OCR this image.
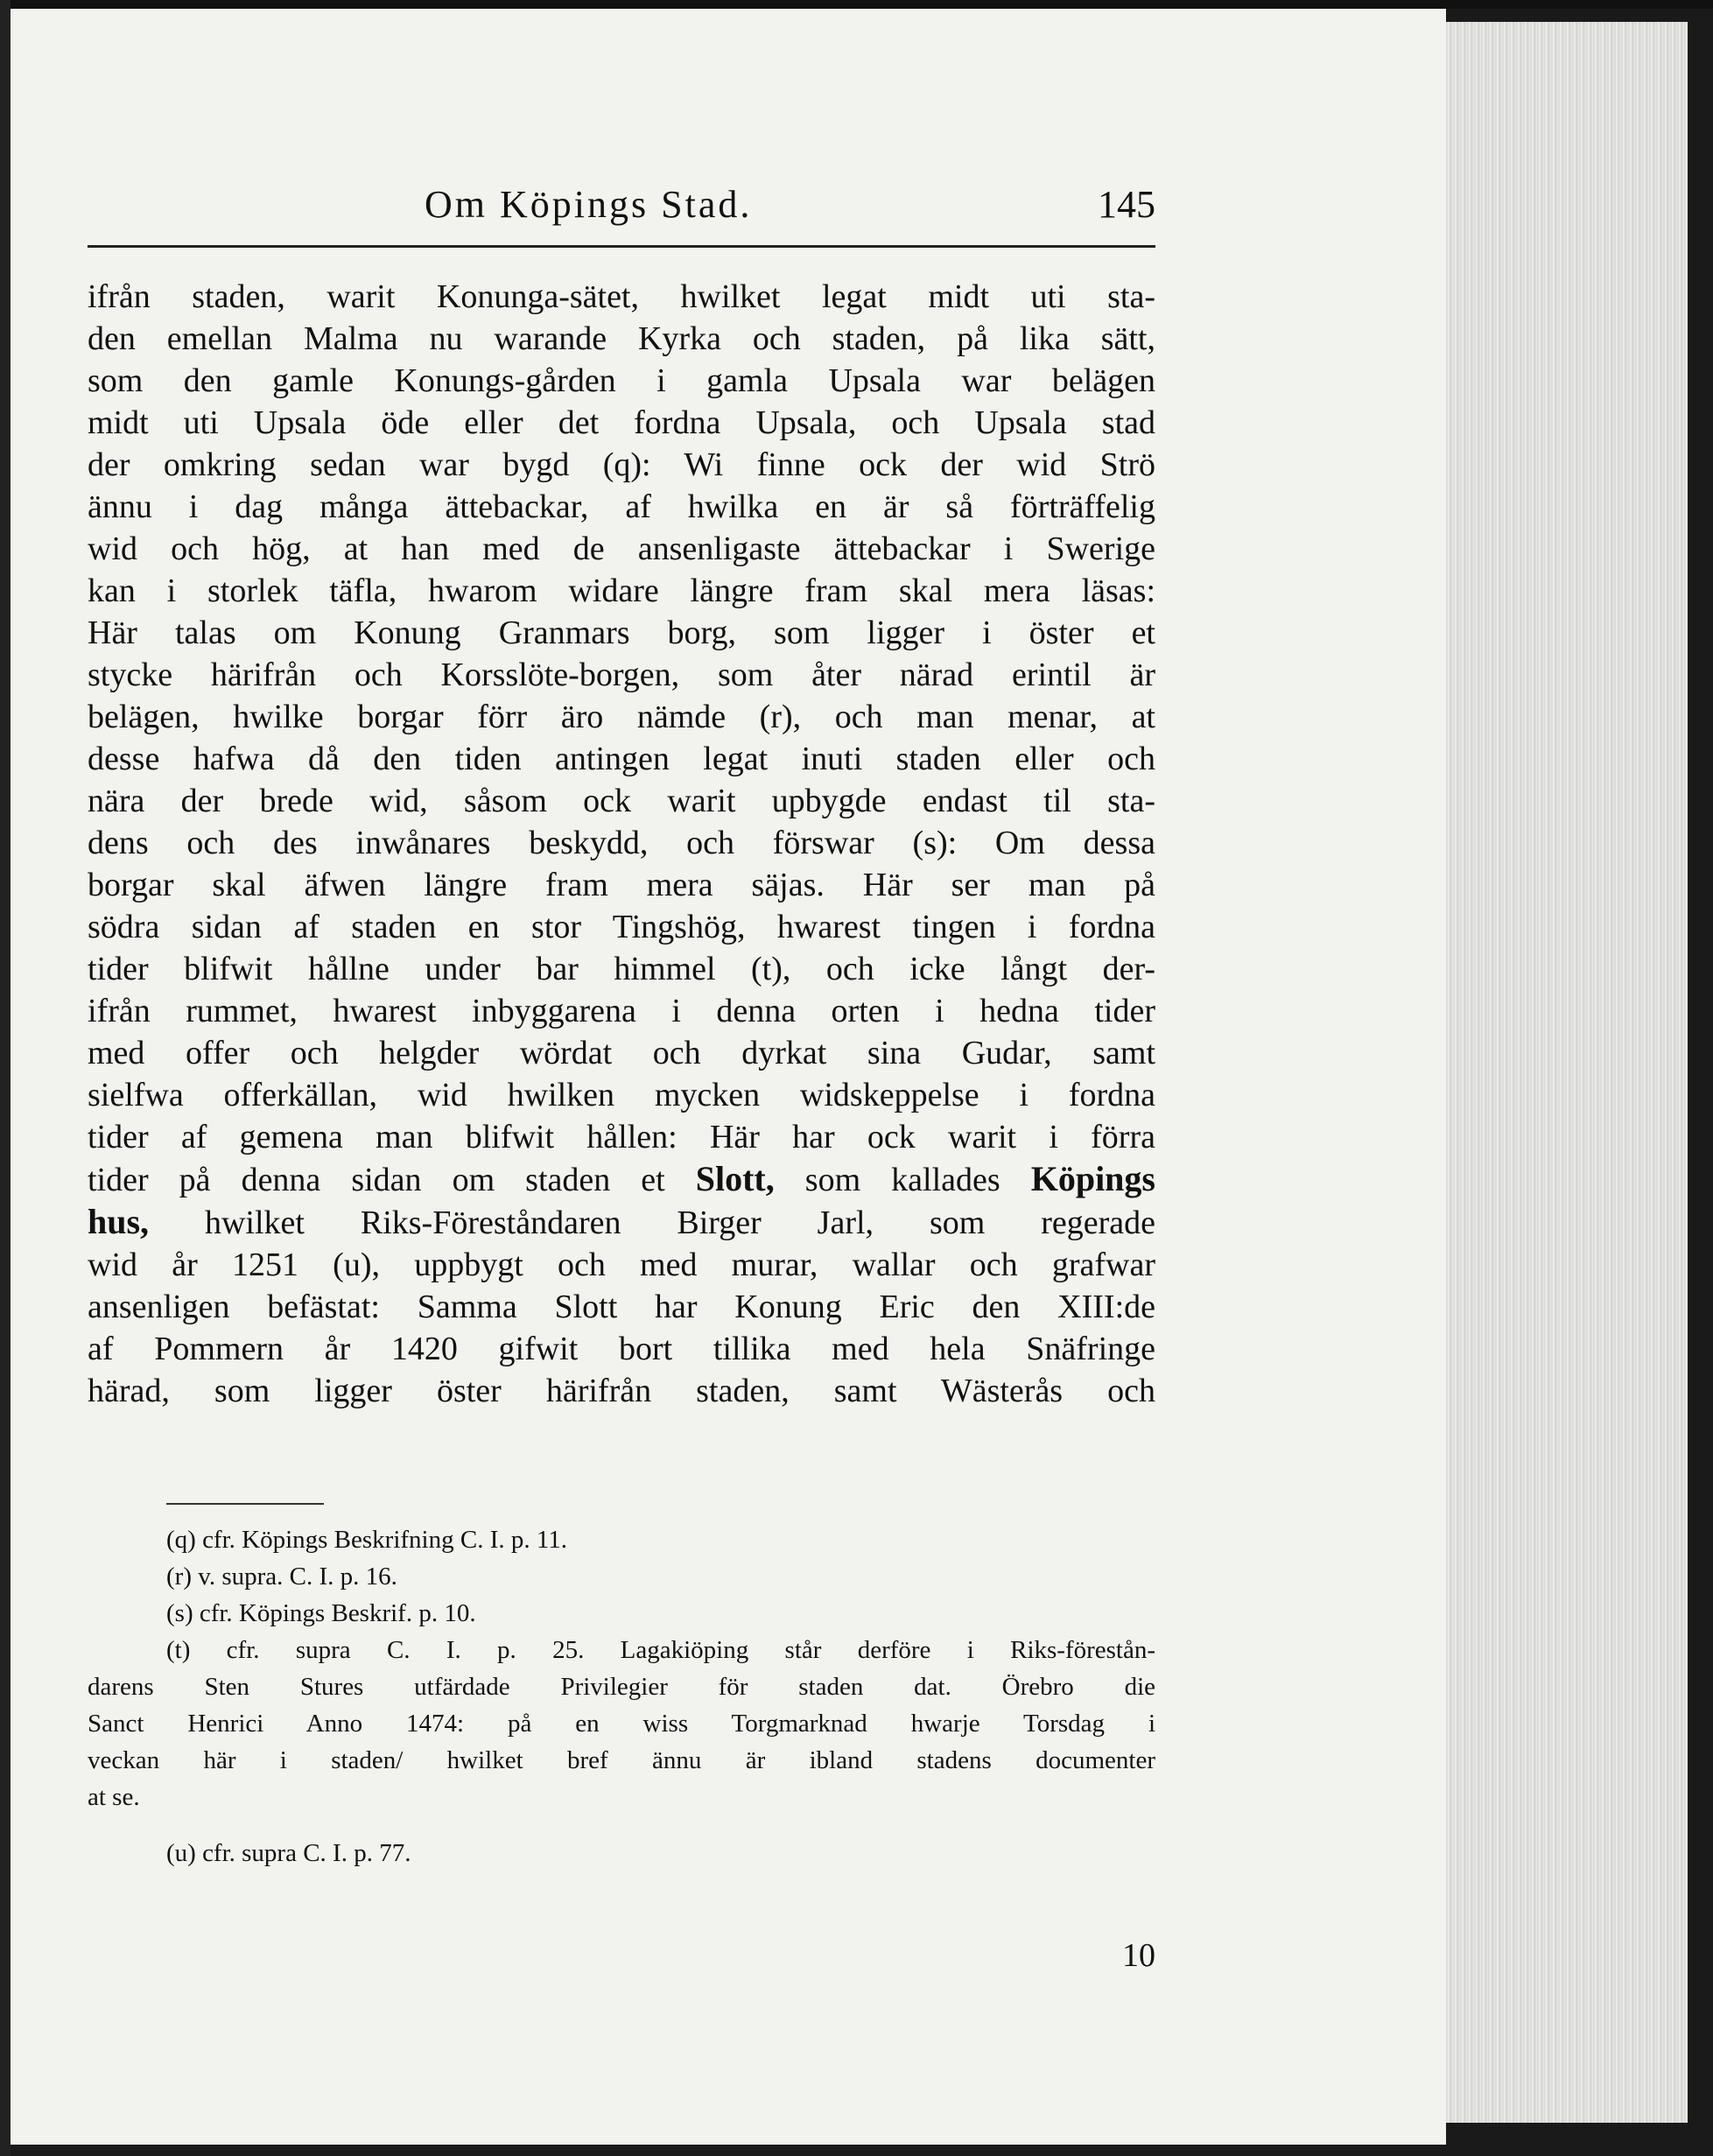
Om Köpings Stad.	145
ifrån staden, warit Konunga-sätet, hwilket legat midt uti sta-
den emellan Malma nu warande Kyrka och staden, på lika sätt,
som den gamle Konungs-gården i gamla Upsala war belägen
midt uti Upsala öde eller det fordna Upsala, och Upsala stad
der omkring sedan war bygd (q): Wi finne ock der wid Strö
ännu i dag många ättebackar, af hwilka en är så förträffelig
wid och hög, at han med de ansenligaste ättebackar i Swerige
kan i storlek täfla, hwarom widare längre fram skal mera läsas:
Här talas om Konung Granmars borg, som ligger i öster et
stycke härifrån och Korsslöte-borgen, som åter närad erintil är
belägen, hwilke borgar förr äro nämde (r), och man menar, at
desse hafwa då den tiden antingen legat inuti staden eller och
nära der brede wid, såsom ock warit upbygde endast til sta-
dens och des inwånares beskydd, och förswar (s): Om dessa
borgar skal äfwen längre fram mera säjas. Här ser man på
södra sidan af staden en stor Tingshög, hwarest tingen i fordna
tider blifwit hållne under bar himmel (t), och icke långt der-
ifrån rummet, hwarest inbyggarena i denna orten i hedna tider
med offer och helgder wördat och dyrkat sina Gudar, samt
sielfwa offerkällan, wid hwilken mycken widskeppelse i fordna
tider af gemena man blifwit hållen: Här har ock warit i förra
tider på denna sidan om staden et Slott, som kallades Köpings
hus, hwilket Riks-Föreståndaren Birger Jarl, som regerade
wid år 1251 (u), uppbygt och med murar, wallar och grafwar
ansenligen befästat: Samma Slott har Konung Eric den XIII:de
af Pommern år 1420 gifwit bort tillika med hela Snäfringe
härad, som ligger öster härifrån staden, samt Wästerås och
(q) cfr. Köpings Beskrifning C. I. p. 11.
(r) v. supra. C. I. p. 16.
(s) cfr. Köpings Beskrif. p. 10.
(t) cfr. supra C. I. p. 25. Lagakiöping står derföre i Riks-förestån-
darens Sten Stures utfärdade Privilegier för staden dat. Örebro die
Sanct Henrici Anno 1474: på en wiss Torgmarknad hwarje Torsdag i
veckan här i staden/ hwilket bref ännu är ibland stadens documenter
at se.
(u) cfr. supra C. I. p. 77.
10
